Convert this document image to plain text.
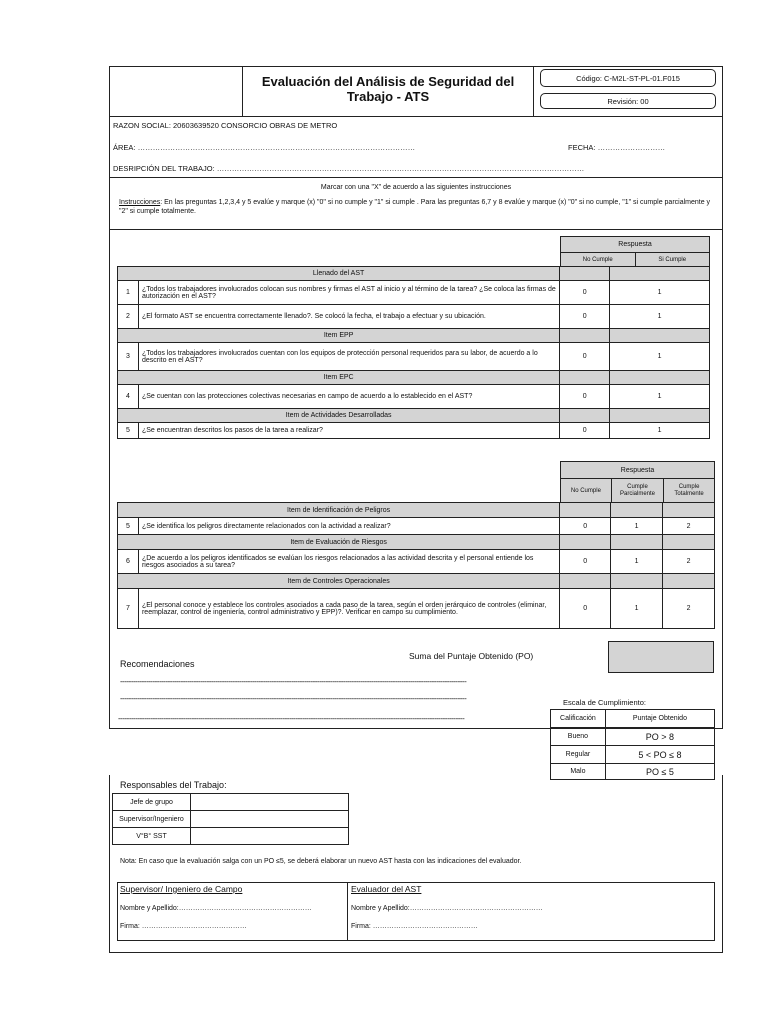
Evaluación del Análisis de Seguridad del Trabajo - ATS
Código: C-M2L-ST-PL-01.F015
Revisión: 00
RAZON SOCIAL: 20603639520 CONSORCIO OBRAS DE METRO
ÁREA: …………………………………………………………………………………………………	FECHA: ………………………
DESRIPCIÓN DEL TRABAJO: …………………………………………………………………………………………………………………………………
Marcar con una "X" de acuerdo a las siguientes instrucciones
Instrucciones: En las preguntas 1,2,3,4 y 5 evalúe y marque (x) "0" si no cumple y "1" si cumple . Para las preguntas 6,7 y 8 evalúe y marque (x) "0" si no cumple, "1" si cumple parcialmente y "2" si cumple totalmente.
Respuesta
No Cumple	Si Cumple
Llenado del AST			
1	¿Todos los trabajadores involucrados colocan sus nombres y firmas el AST al inicio y al término de la tarea? ¿Se coloca las firmas de autorización en el AST?	0	1
2	¿El formato AST se encuentra correctamente llenado?. Se colocó la fecha, el trabajo a efectuar y su ubicación.	0	1
Item EPP			
3	¿Todos los trabajadores involucrados cuentan con los equipos de protección personal requeridos para su labor, de acuerdo a lo descrito en el AST?	0	1
Item EPC			
4	¿Se cuentan con las protecciones colectivas necesarias en campo de acuerdo a lo establecido en el AST?	0	1
Item de Actividades Desarrolladas			
5	¿Se encuentran descritos los pasos de la tarea a realizar?	0	1
Respuesta
No Cumple	Cumple Parcialmente	Cumple Totalmente
Item de Identificación de Peligros				
5	¿Se identifica los peligros directamente relacionados con la actividad a realizar?	0	1	2
Item de Evaluación de Riesgos				
6	¿De acuerdo a los peligros identificados se evalúan los riesgos relacionados a las actividad descrita y el personal entiende los riesgos asociados a su tarea?	0	1	2
Item de Controles Operacionales				
7	¿El personal conoce y establece los controles asociados a cada paso de la tarea, según el orden jerárquico de controles (eliminar, reemplazar, control de ingeniería, control administrativo y EPP)?. Verificar en campo su cumplimiento.	0	1	2
Recomendaciones
Suma del Puntaje Obtenido (PO)
----------------------------------------------------------------------------------------------------------------------------------------------------------------
----------------------------------------------------------------------------------------------------------------------------------------------------------------
----------------------------------------------------------------------------------------------------------------------------------------------------------------
Escala de Cumplimiento:
Calificación	Puntaje Obtenido
Bueno	PO > 8
Regular	5 < PO ≤ 8
Malo	PO ≤ 5
Responsables del Trabajo:
Jefe de grupo	
Supervisor/Ingeniero	
V°B° SST	
Nota: En caso que la evaluación salga con un PO ≤5, se deberá elaborar un nuevo AST hasta con las indicaciones del evaluador.
Supervisor/ Ingeniero de Campo	Evaluador del AST
Nombre y Apellido:…………………………………………………	Nombre y Apellido:…………………………………………………
Firma: ………………………………………	Firma: ………………………………………
